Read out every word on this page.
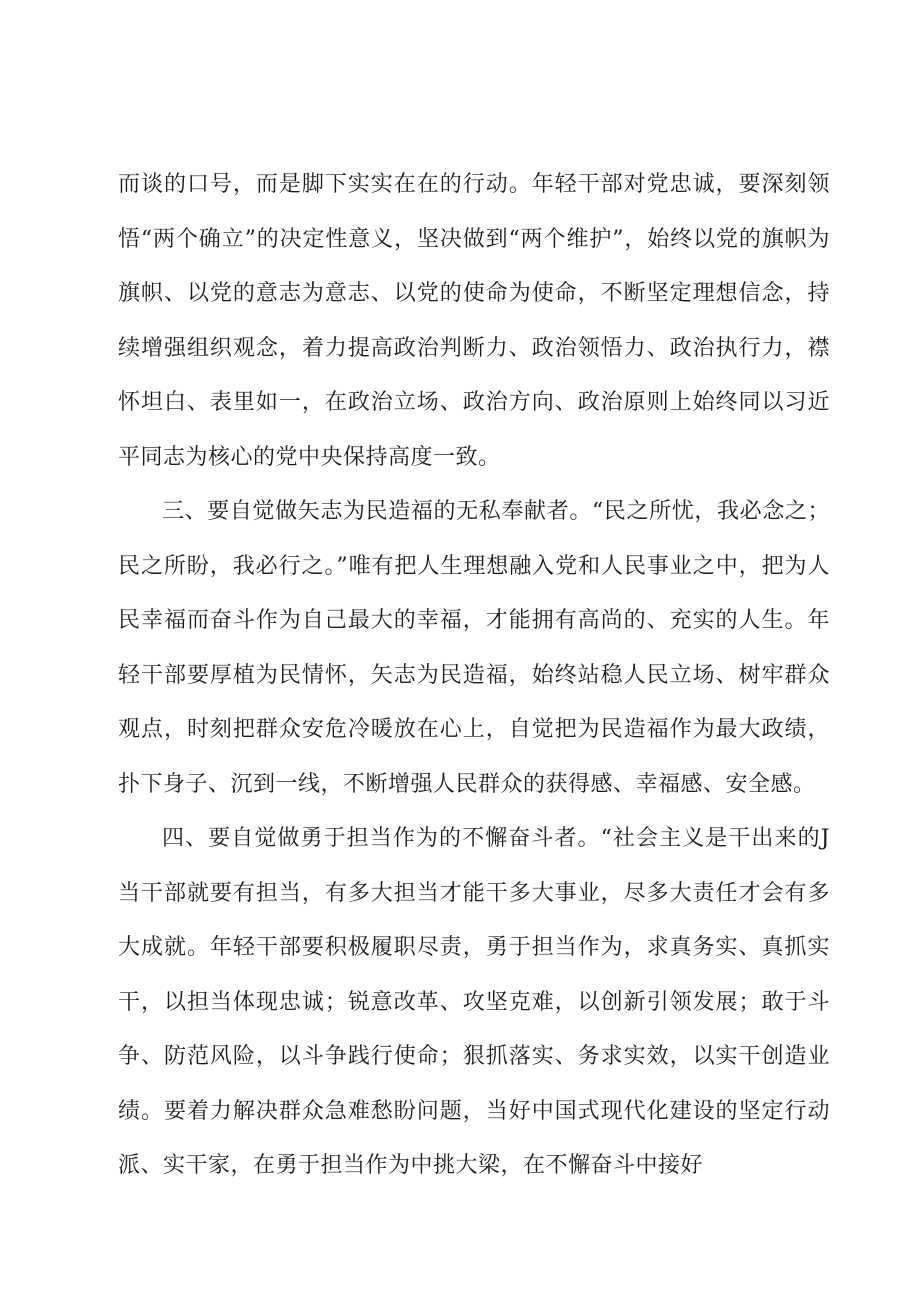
而谈的口号，而是脚下实实在在的行动。年轻干部对党忠诚，要深刻领悟“两个确立”的决定性意义，坚决做到“两个维护”，始终以党的旗帜为旗帜、以党的意志为意志、以党的使命为使命，不断坚定理想信念，持续增强组织观念，着力提高政治判断力、政治领悟力、政治执行力，襟怀坦白、表里如一，在政治立场、政治方向、政治原则上始终同以习近平同志为核心的党中央保持高度一致。

三、要自觉做矢志为民造福的无私奉献者。“民之所忧，我必念之；民之所盼，我必行之。”唯有把人生理想融入党和人民事业之中，把为人民幸福而奋斗作为自己最大的幸福，才能拥有高尚的、充实的人生。年轻干部要厚植为民情怀，矢志为民造福，始终站稳人民立场、树牢群众观点，时刻把群众安危冷暖放在心上，自觉把为民造福作为最大政绩，扑下身子、沉到一线，不断增强人民群众的获得感、幸福感、安全感。

四、要自觉做勇于担当作为的不懈奋斗者。“社会主义是干出来的J当干部就要有担当，有多大担当才能干多大事业，尽多大责任才会有多大成就。年轻干部要积极履职尽责，勇于担当作为，求真务实、真抓实干，以担当体现忠诚；锐意改革、攻坚克难，以创新引领发展；敢于斗争、防范风险，以斗争践行使命；狠抓落实、务求实效，以实干创造业绩。要着力解决群众急难愁盼问题，当好中国式现代化建设的坚定行动派、实干家，在勇于担当作为中挑大梁，在不懈奋斗中接好
